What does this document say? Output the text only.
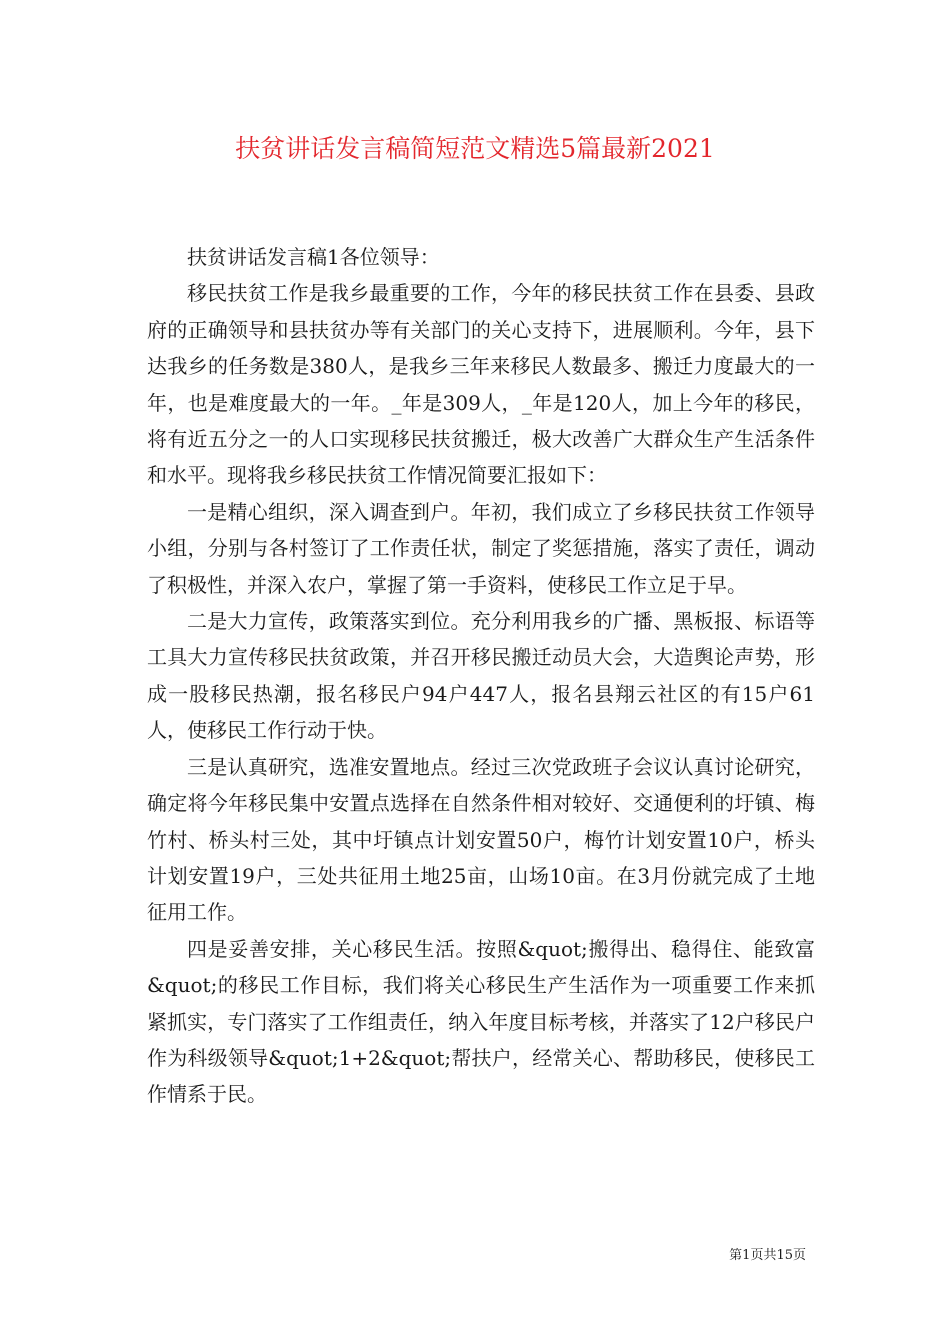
扶贫讲话发言稿简短范文精选5篇最新2021

扶贫讲话发言稿1各位领导：

移民扶贫工作是我乡最重要的工作，今年的移民扶贫工作在县委、县政府的正确领导和县扶贫办等有关部门的关心支持下，进展顺利。今年，县下达我乡的任务数是380人，是我乡三年来移民人数最多、搬迁力度最大的一年，也是难度最大的一年。_年是309人，_年是120人，加上今年的移民，将有近五分之一的人口实现移民扶贫搬迁，极大改善广大群众生产生活条件和水平。现将我乡移民扶贫工作情况简要汇报如下：

一是精心组织，深入调查到户。年初，我们成立了乡移民扶贫工作领导小组，分别与各村签订了工作责任状，制定了奖惩措施，落实了责任，调动了积极性，并深入农户，掌握了第一手资料，使移民工作立足于早。

二是大力宣传，政策落实到位。充分利用我乡的广播、黑板报、标语等工具大力宣传移民扶贫政策，并召开移民搬迁动员大会，大造舆论声势，形成一股移民热潮，报名移民户94户447人，报名县翔云社区的有15户61人，使移民工作行动于快。

三是认真研究，选准安置地点。经过三次党政班子会议认真讨论研究，确定将今年移民集中安置点选择在自然条件相对较好、交通便利的圩镇、梅竹村、桥头村三处，其中圩镇点计划安置50户，梅竹计划安置10户，桥头计划安置19户，三处共征用土地25亩，山场10亩。在3月份就完成了土地征用工作。

四是妥善安排，关心移民生活。按照&quot;搬得出、稳得住、能致富&quot;的移民工作目标，我们将关心移民生产生活作为一项重要工作来抓紧抓实，专门落实了工作组责任，纳入年度目标考核，并落实了12户移民户作为科级领导&quot;1+2&quot;帮扶户，经常关心、帮助移民，使移民工作情系于民。

第1页共15页
